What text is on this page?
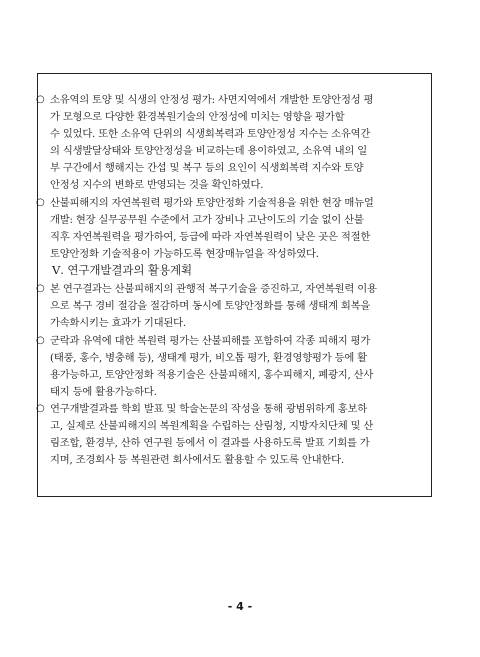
○ 소유역의 토양 및 식생의 안정성 평가: 사면지역에서 개발한 토양안정성 평
가 모형으로 다양한 환경복원기술의 안정성에 미치는 영향을 평가할
수 있었다. 또한 소유역 단위의 식생회복력과 토양안정성 지수는 소유역간
의 식생발달상태와 토양안정성을 비교하는데 용이하였고, 소유역 내의 일
부 구간에서 행해지는 간섭 및 복구 등의 요인이 식생회복력 지수와 토양
안정성 지수의 변화로 반영되는 것을 확인하였다.
○ 산불피해지의 자연복원력 평가와 토양안정화 기술적용을 위한 현장 매뉴얼
개발: 현장 실무공무원 수준에서 고가 장비나 고난이도의 기술 없이 산불
직후 자연복원력을 평가하여, 등급에 따라 자연복원력이 낮은 곳은 적절한
토양안정화 기술적용이 가능하도록 현장매뉴얼을 작성하였다.
Ⅴ. 연구개발결과의 활용계획
○ 본 연구결과는 산불피해지의 관행적 복구기술을 증진하고, 자연복원력 이용
으로 복구 경비 절감을 절감하며 동시에 토양안정화를 통해 생태계 회복을
가속화시키는 효과가 기대된다.
○ 군락과 유역에 대한 복원력 평가는 산불피해를 포함하여 각종 피해지 평가
(태풍, 홍수, 병충해 등), 생태계 평가, 비오톱 평가, 환경영향평가 등에 활
용가능하고, 토양안정화 적용기술은 산불피해지, 홍수피해지, 폐광지, 산사
태지 등에 활용가능하다.
○ 연구개발결과를 학회 발표 및 학술논문의 작성을 통해 광범위하게 홍보하
고, 실제로 산불피해지의 복원계획을 수립하는 산림청, 지방자치단체 및 산
림조합, 환경부, 산하 연구원 등에서 이 결과를 사용하도록 발표 기회를 가
지며, 조경회사 등 복원관련 회사에서도 활용할 수 있도록 안내한다.
- 4 -
